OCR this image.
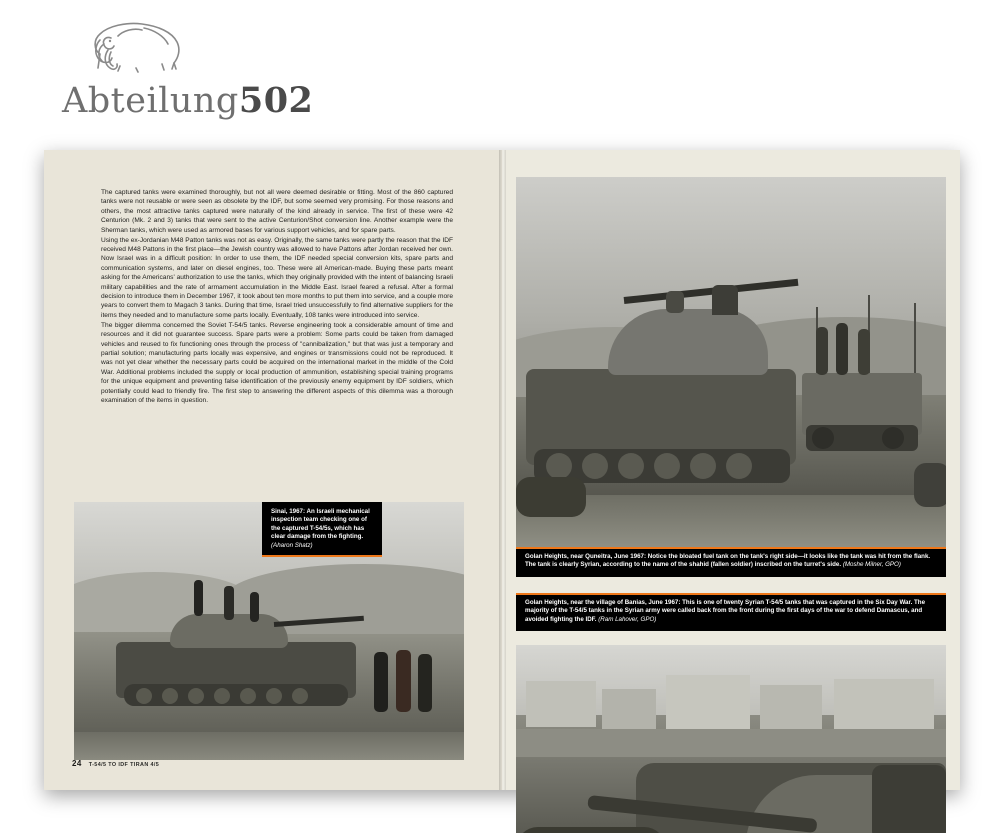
Abteilung502

The captured tanks were examined thoroughly, but not all were deemed desirable or fitting. Most of the 860 captured tanks were not reusable or were seen as obsolete by the IDF, but some seemed very promising. For those reasons and others, the most attractive tanks captured were naturally of the kind already in service. The first of these were 42 Centurion (Mk. 2 and 3) tanks that were sent to the active Centurion/Shot conversion line. Another example were the Sherman tanks, which were used as armored bases for various support vehicles, and for spare parts.

Using the ex-Jordanian M48 Patton tanks was not as easy. Originally, the same tanks were partly the reason that the IDF received M48 Pattons in the first place—the Jewish country was allowed to have Pattons after Jordan received her own. Now Israel was in a difficult position: In order to use them, the IDF needed special conversion kits, spare parts and communication systems, and later on diesel engines, too. These were all American-made. Buying these parts meant asking for the Americans' authorization to use the tanks, which they originally provided with the intent of balancing Israeli military capabilities and the rate of armament accumulation in the Middle East. Israel feared a refusal. After a formal decision to introduce them in December 1967, it took about ten more months to put them into service, and a couple more years to convert them to Magach 3 tanks. During that time, Israel tried unsuccessfully to find alternative suppliers for the items they needed and to manufacture some parts locally. Eventually, 108 tanks were introduced into service.

The bigger dilemma concerned the Soviet T-54/5 tanks. Reverse engineering took a considerable amount of time and resources and it did not guarantee success. Spare parts were a problem: Some parts could be taken from damaged vehicles and reused to fix functioning ones through the process of "cannibalization," but that was just a temporary and partial solution; manufacturing parts locally was expensive, and engines or transmissions could not be reproduced. It was not yet clear whether the necessary parts could be acquired on the international market in the middle of the Cold War. Additional problems included the supply or local production of ammunition, establishing special training programs for the unique equipment and preventing false identification of the previously enemy equipment by IDF soldiers, which potentially could lead to friendly fire. The first step to answering the different aspects of this dilemma was a thorough examination of the items in question.

Sinai, 1967: An Israeli mechanical inspection team checking one of the captured T-54/5s, which has clear damage from the fighting. (Aharon Shatz)
24 T-54/5 TO IDF TIRAN 4/5
Golan Heights, near Quneitra, June 1967: Notice the bloated fuel tank on the tank's right side—it looks like the tank was hit from the flank. The tank is clearly Syrian, according to the name of the shahid (fallen soldier) inscribed on the turret's side. (Moshe Milner, GPO)
Golan Heights, near the village of Banias, June 1967: This is one of twenty Syrian T-54/5 tanks that was captured in the Six Day War. The majority of the T-54/5 tanks in the Syrian army were called back from the front during the first days of the war to defend Damascus, and avoided fighting the IDF. (Ram Lahover, GPO)
